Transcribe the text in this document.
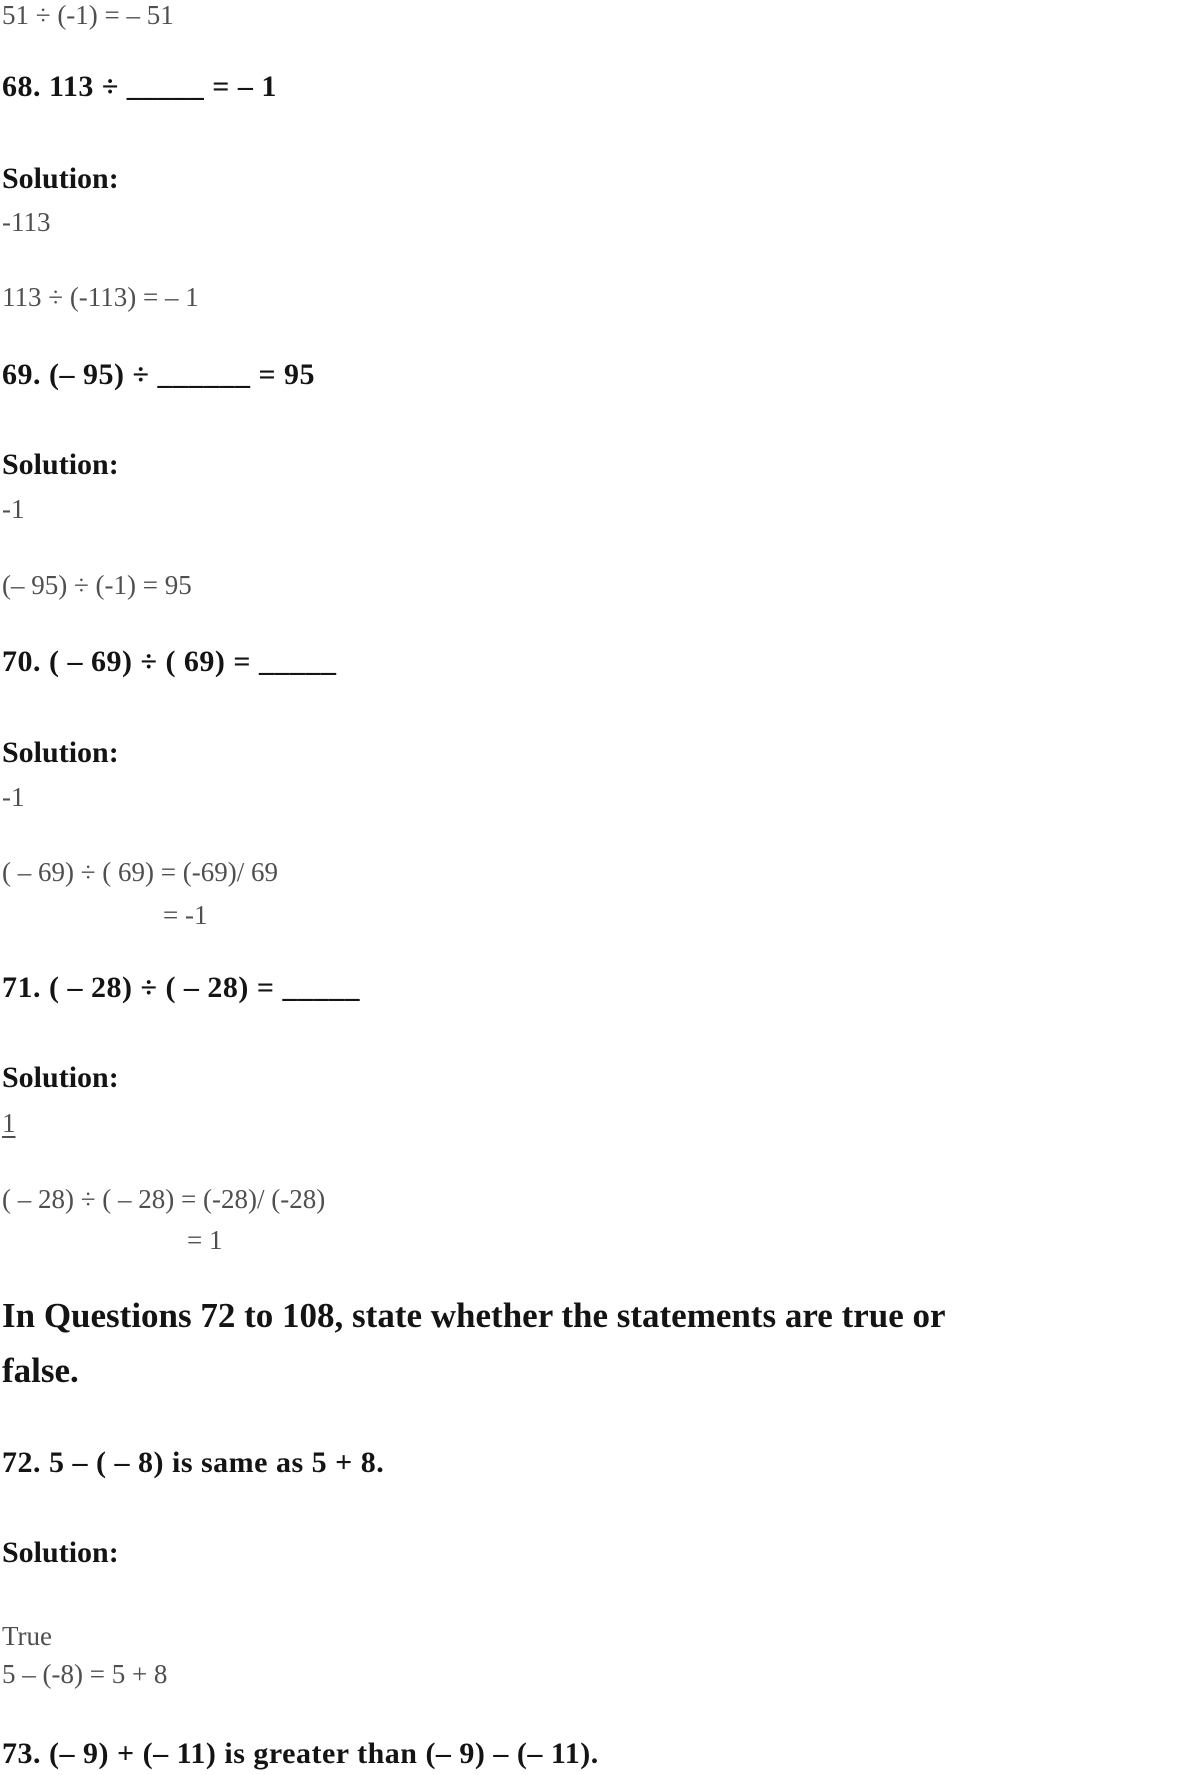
51 ÷ (-1) = – 51
68. 113 ÷ _____ = – 1
Solution:
-113
113 ÷ (-113) = – 1
69. (– 95) ÷ ______ = 95
Solution:
-1
(– 95) ÷ (-1) = 95
70. ( – 69) ÷ ( 69) = _____
Solution:
-1
( – 69) ÷ ( 69) = (-69)/ 69
= -1
71. ( – 28) ÷ ( – 28) = _____
Solution:
1
( – 28) ÷ ( – 28) = (-28)/ (-28)
= 1
In Questions 72 to 108, state whether the statements are true or
false.
72. 5 – ( – 8) is same as 5 + 8.
Solution:
True
5 – (-8) = 5 + 8
73. (– 9) + (– 11) is greater than (– 9) – (– 11).
